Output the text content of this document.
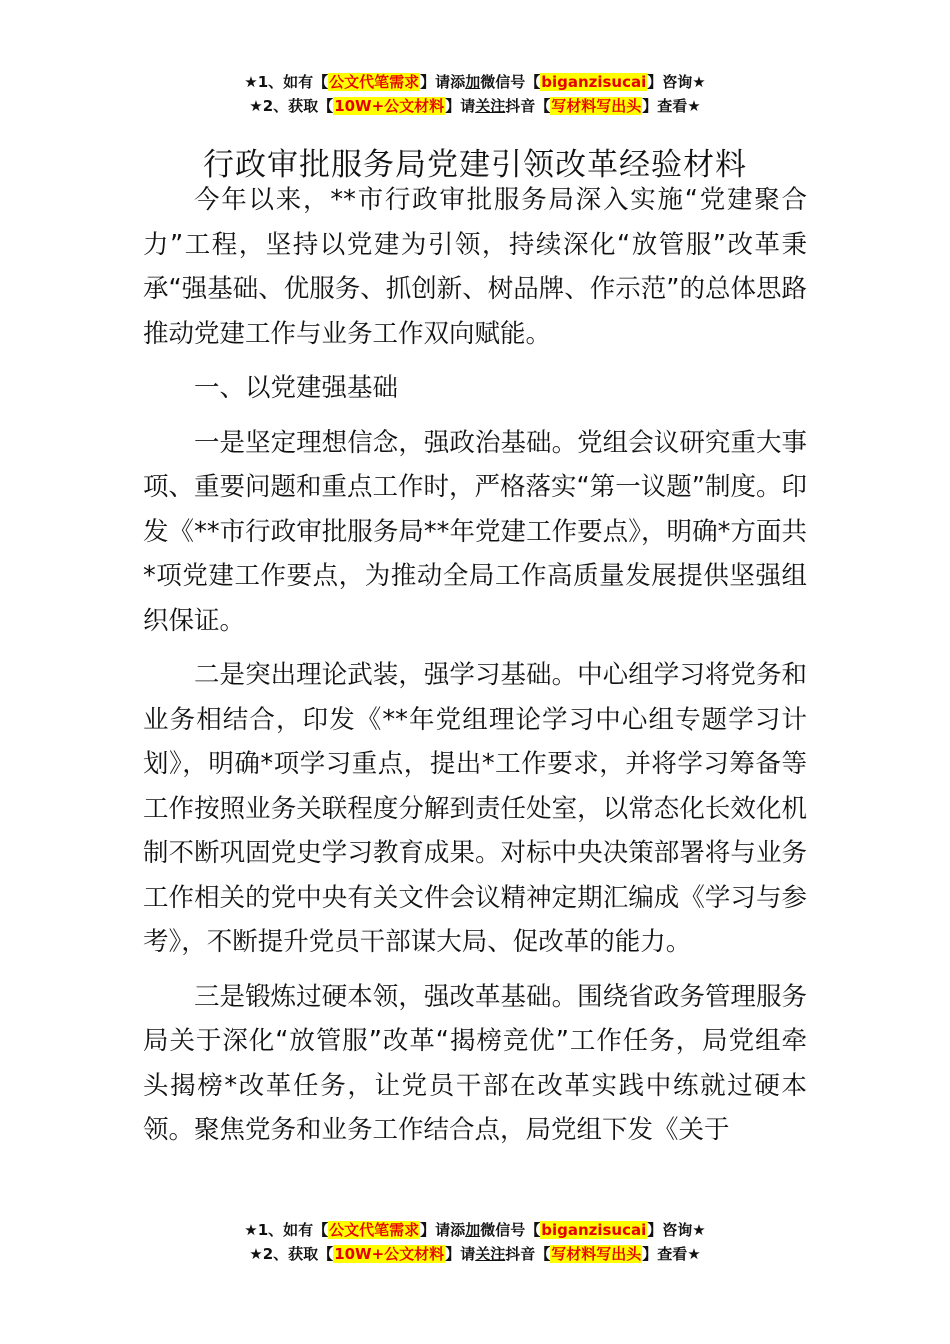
★1、如有【公文代笔需求】请添加微信号【biganzisucai】咨询★
★2、获取【10W+公文材料】请关注抖音【写材料写出头】查看★
行政审批服务局党建引领改革经验材料

今年以来，**市行政审批服务局深入实施“党建聚合力”工程，坚持以党建为引领，持续深化“放管服”改革秉承“强基础、优服务、抓创新、树品牌、作示范”的总体思路推动党建工作与业务工作双向赋能。

一、以党建强基础

一是坚定理想信念，强政治基础。党组会议研究重大事项、重要问题和重点工作时，严格落实“第一议题”制度。印发《**市行政审批服务局**年党建工作要点》，明确*方面共*项党建工作要点，为推动全局工作高质量发展提供坚强组织保证。

二是突出理论武装，强学习基础。中心组学习将党务和业务相结合，印发《**年党组理论学习中心组专题学习计划》，明确*项学习重点，提出*工作要求，并将学习筹备等工作按照业务关联程度分解到责任处室，以常态化长效化机制不断巩固党史学习教育成果。对标中央决策部署将与业务工作相关的党中央有关文件会议精神定期汇编成《学习与参考》，不断提升党员干部谋大局、促改革的能力。

三是锻炼过硬本领，强改革基础。围绕省政务管理服务局关于深化“放管服”改革“揭榜竞优”工作任务，局党组牵头揭榜*改革任务，让党员干部在改革实践中练就过硬本领。聚焦党务和业务工作结合点，局党组下发《关于

★1、如有【公文代笔需求】请添加微信号【biganzisucai】咨询★
★2、获取【10W+公文材料】请关注抖音【写材料写出头】查看★
